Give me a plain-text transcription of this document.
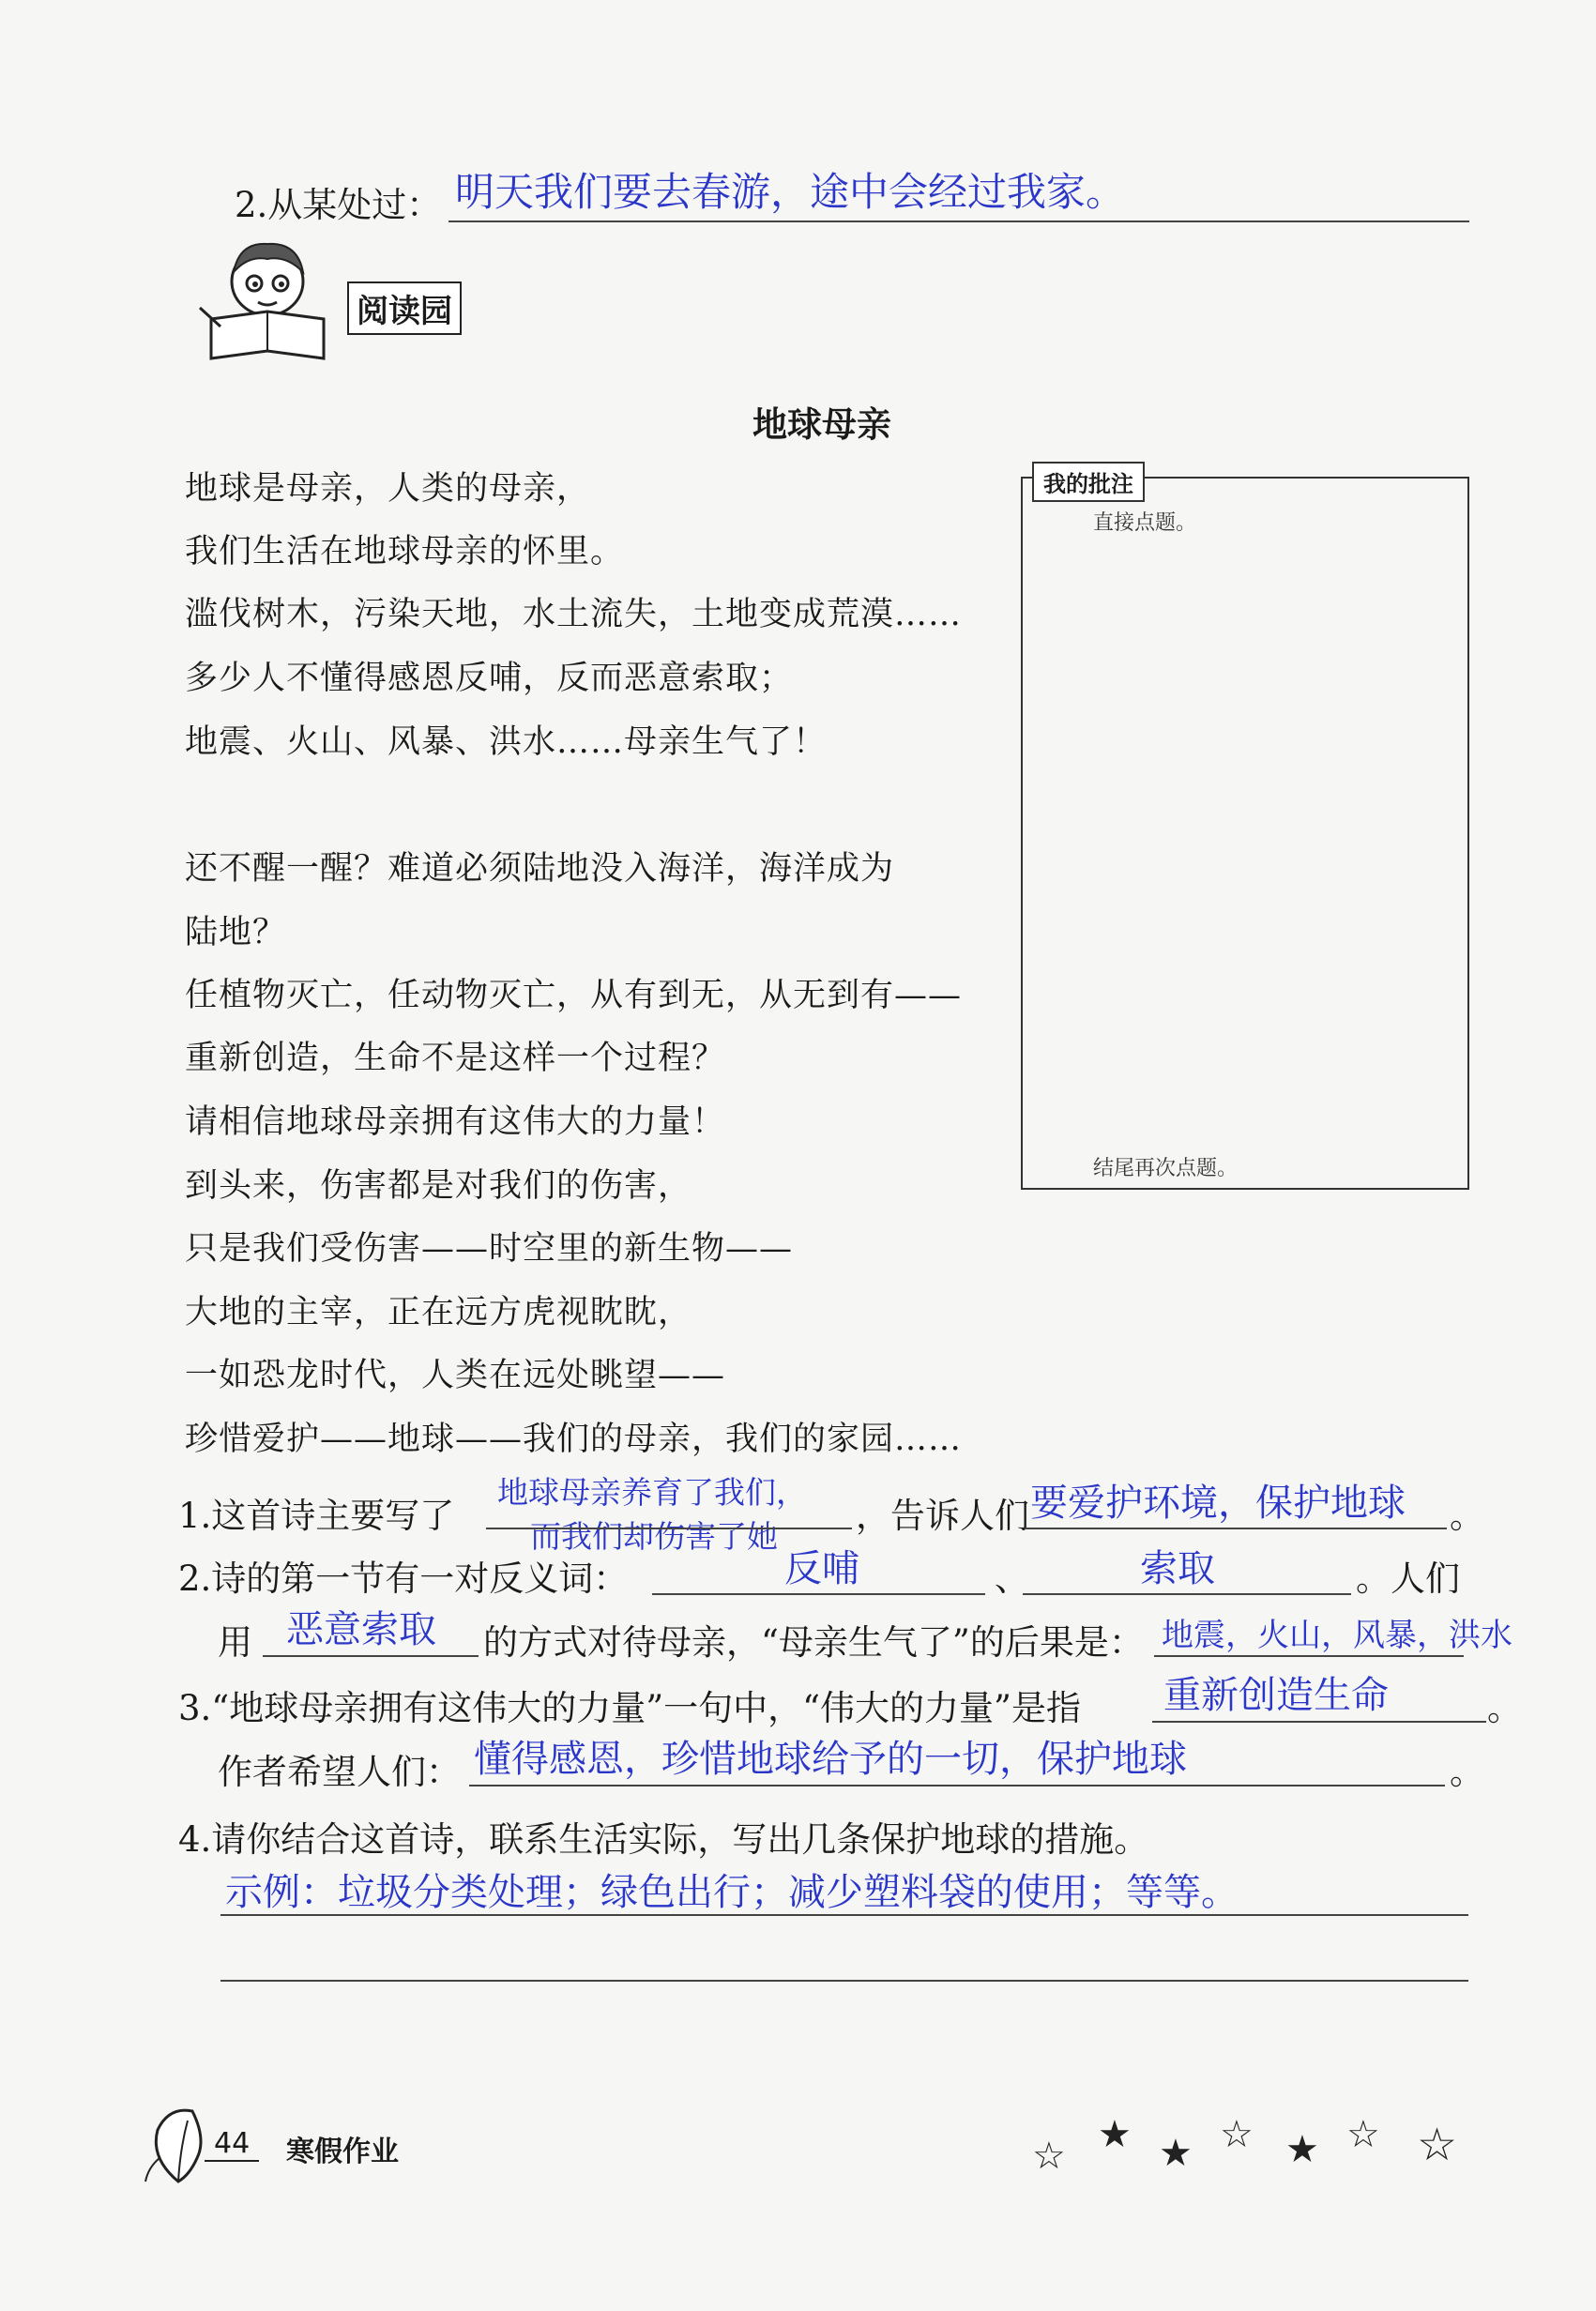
2.从某处过： 明天我们要去春游，途中会经过我家。
阅读园
地球母亲
地球是母亲，人类的母亲，
我们生活在地球母亲的怀里。
滥伐树木，污染天地，水土流失，土地变成荒漠……
多少人不懂得感恩反哺，反而恶意索取；
地震、火山、风暴、洪水……母亲生气了！
还不醒一醒？难道必须陆地没入海洋，海洋成为
陆地？
任植物灭亡，任动物灭亡，从有到无，从无到有——
重新创造，生命不是这样一个过程？
请相信地球母亲拥有这伟大的力量！
到头来，伤害都是对我们的伤害，
只是我们受伤害——时空里的新生物——
大地的主宰，正在远方虎视眈眈，
一如恐龙时代，人类在远处眺望——
珍惜爱护——地球——我们的母亲，我们的家园……
我的批注
直接点题。
结尾再次点题。
1.这首诗主要写了
地球母亲养育了我们，
而我们却伤害了她
，告诉人们 要爱护环境，保护地球 。
2.诗的第一节有一对反义词：	反哺	、	索取	。人们
用 恶意索取 的方式对待母亲，“母亲生气了”的后果是： 地震，火山，风暴，洪水
3.“地球母亲拥有这伟大的力量”一句中，“伟大的力量”是指 重新创造生命	。
作者希望人们： 懂得感恩，珍惜地球给予的一切，保护地球	。
4.请你结合这首诗，联系生活实际，写出几条保护地球的措施。
示例：垃圾分类处理；绿色出行；减少塑料袋的使用；等等。
44	寒假作业	☆ ★ ★ ☆ ★ ☆ ☆
